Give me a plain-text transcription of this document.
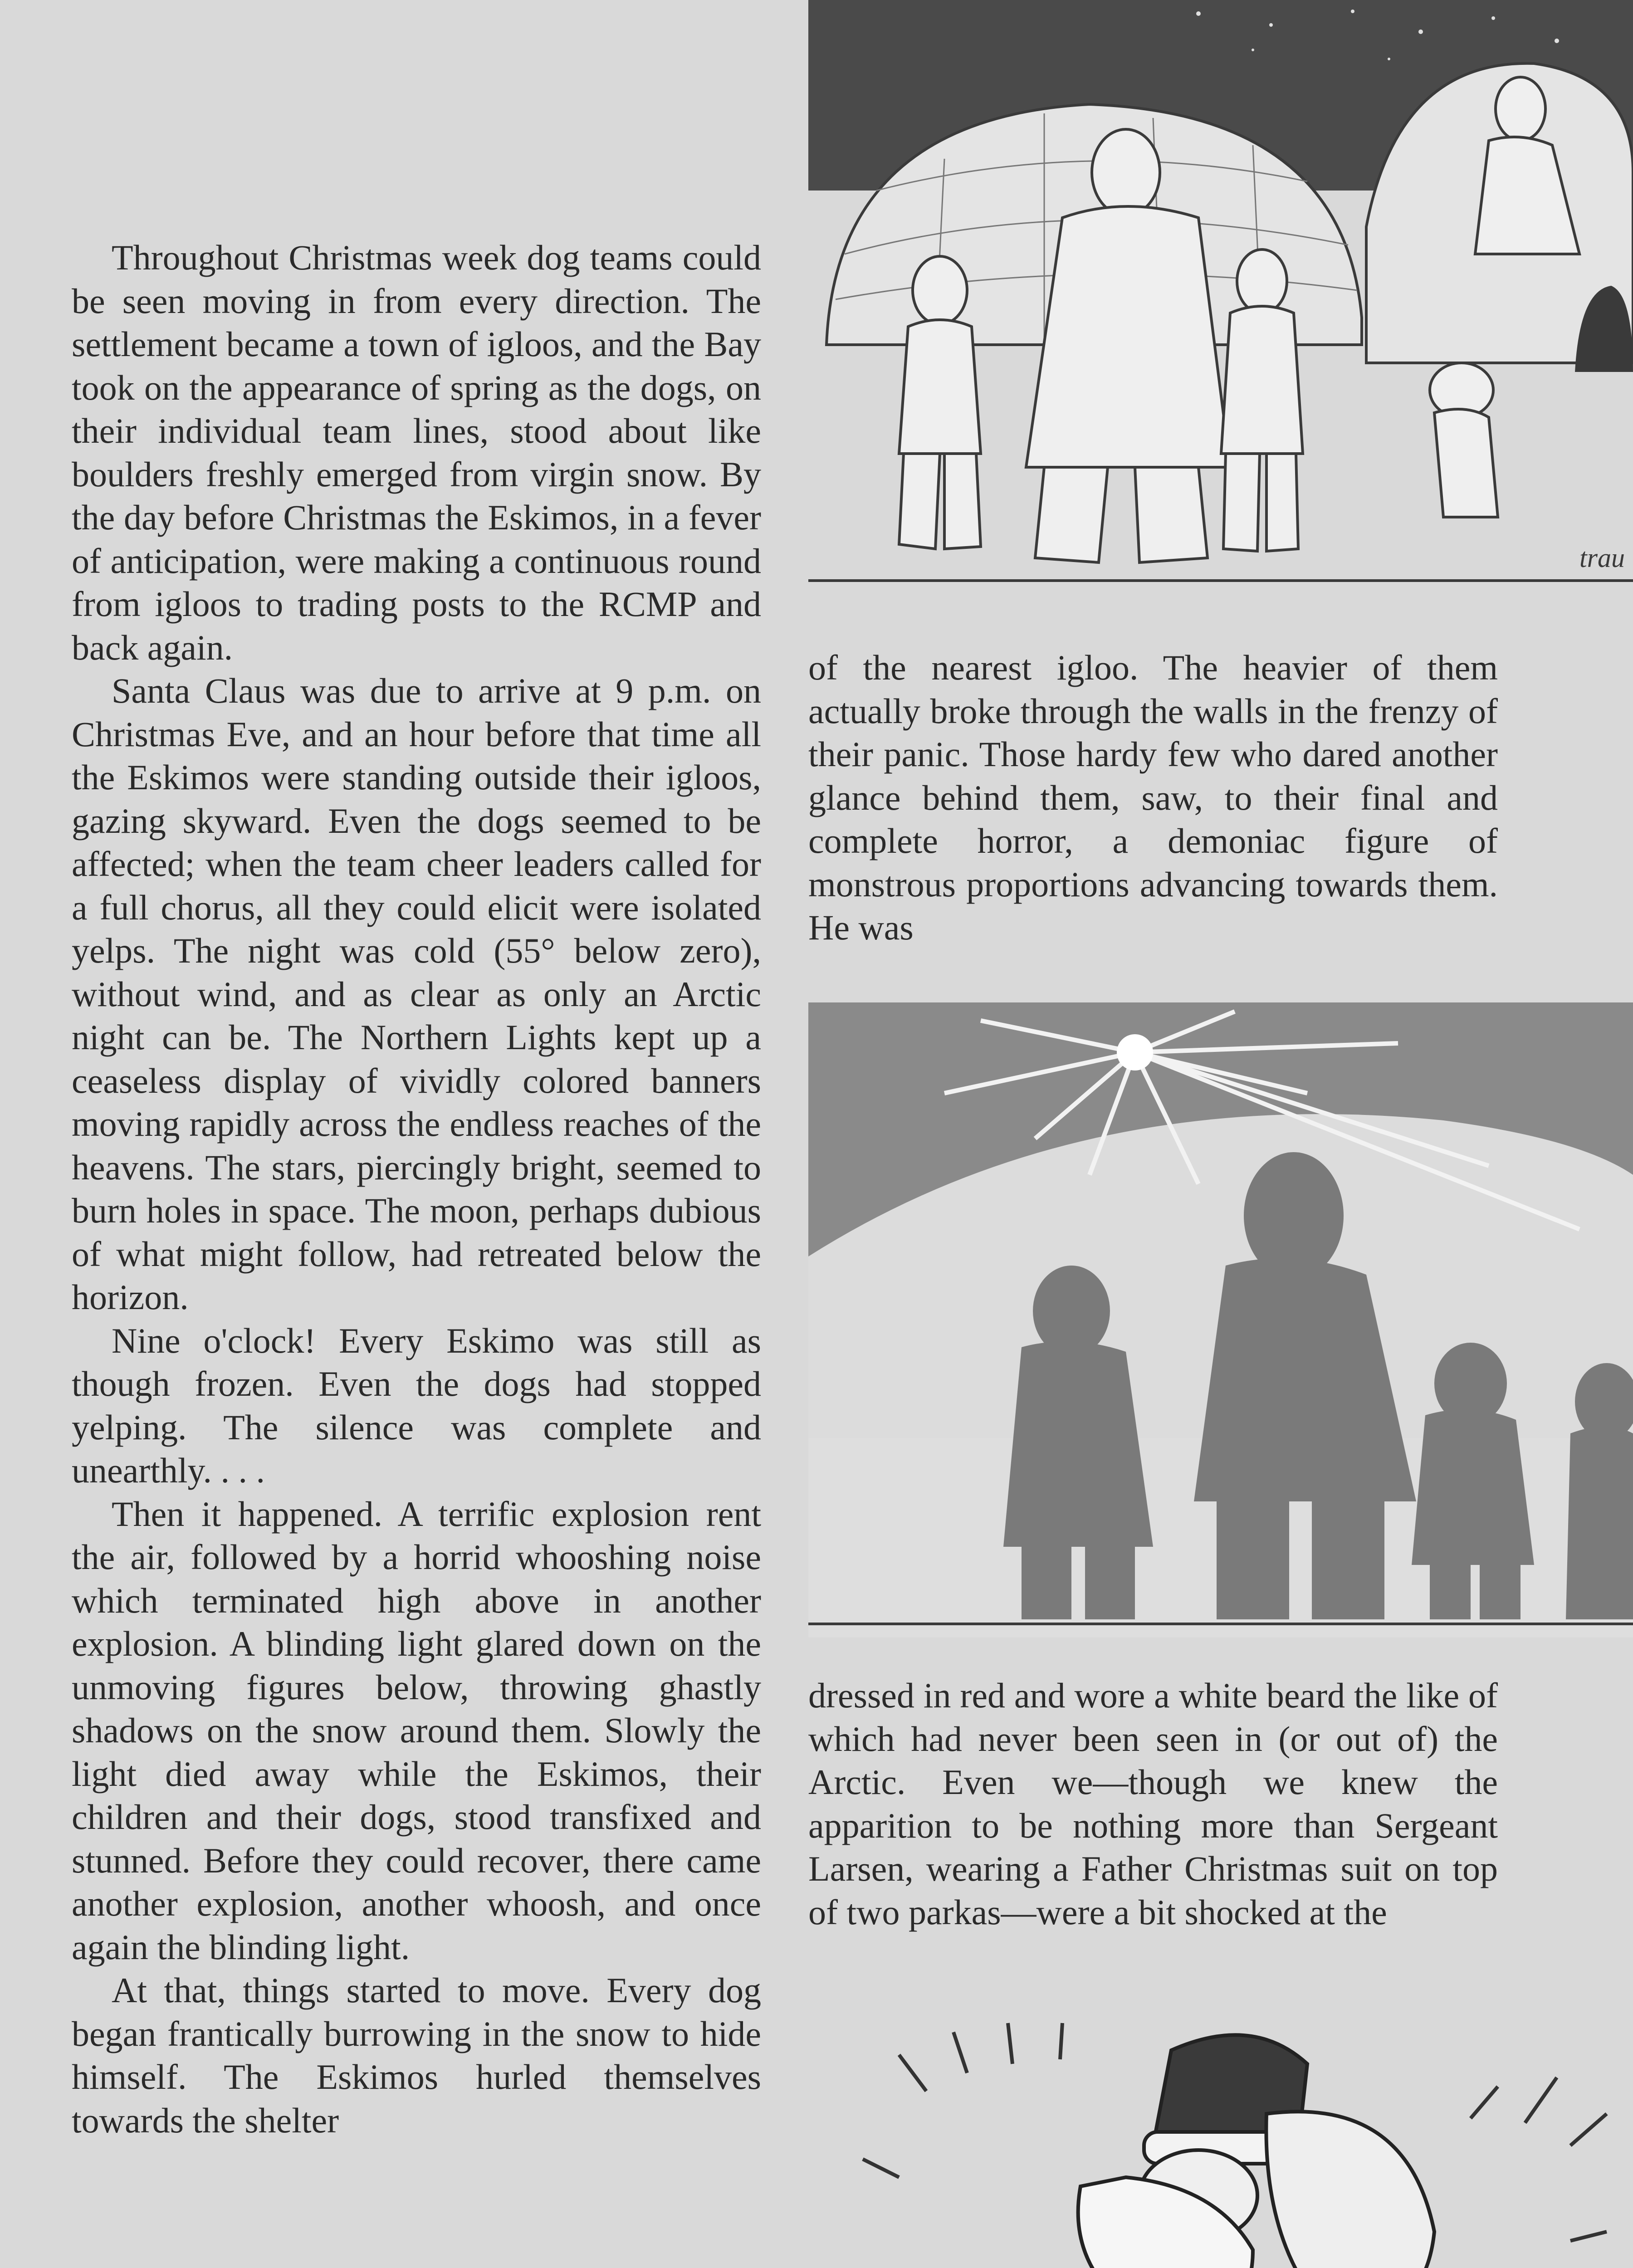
Throughout Christmas week dog teams could be seen moving in from every direction. The settlement became a town of igloos, and the Bay took on the appearance of spring as the dogs, on their individual team lines, stood about like boulders freshly emerged from virgin snow. By the day before Christmas the Eskimos, in a fever of anticipation, were making a continuous round from igloos to trading posts to the RCMP and back again.

Santa Claus was due to arrive at 9 p.m. on Christmas Eve, and an hour before that time all the Eskimos were standing outside their igloos, gazing skyward. Even the dogs seemed to be affected; when the team cheer leaders called for a full chorus, all they could elicit were isolated yelps. The night was cold (55° below zero), without wind, and as clear as only an Arctic night can be. The Northern Lights kept up a ceaseless display of vividly colored banners moving rapidly across the endless reaches of the heavens. The stars, piercingly bright, seemed to burn holes in space. The moon, perhaps dubious of what might follow, had retreated below the horizon.

Nine o'clock! Every Eskimo was still as though frozen. Even the dogs had stopped yelping. The silence was complete and unearthly. . . .

Then it happened. A terrific explosion rent the air, followed by a horrid whooshing noise which terminated high above in another explosion. A blinding light glared down on the unmoving figures below, throwing ghastly shadows on the snow around them. Slowly the light died away while the Eskimos, their children and their dogs, stood transfixed and stunned. Before they could recover, there came another explosion, another whoosh, and once again the blinding light.

At that, things started to move. Every dog began frantically burrowing in the snow to hide himself. The Eskimos hurled themselves towards the shelter

trau

of the nearest igloo. The heavier of them actually broke through the walls in the frenzy of their panic. Those hardy few who dared another glance behind them, saw, to their final and complete horror, a demoniac figure of monstrous proportions advancing towards them. He was

dressed in red and wore a white beard the like of which had never been seen in (or out of) the Arctic. Even we—though we knew the apparition to be nothing more than Sergeant Larsen, wearing a Father Christmas suit on top of two parkas—were a bit shocked at the
